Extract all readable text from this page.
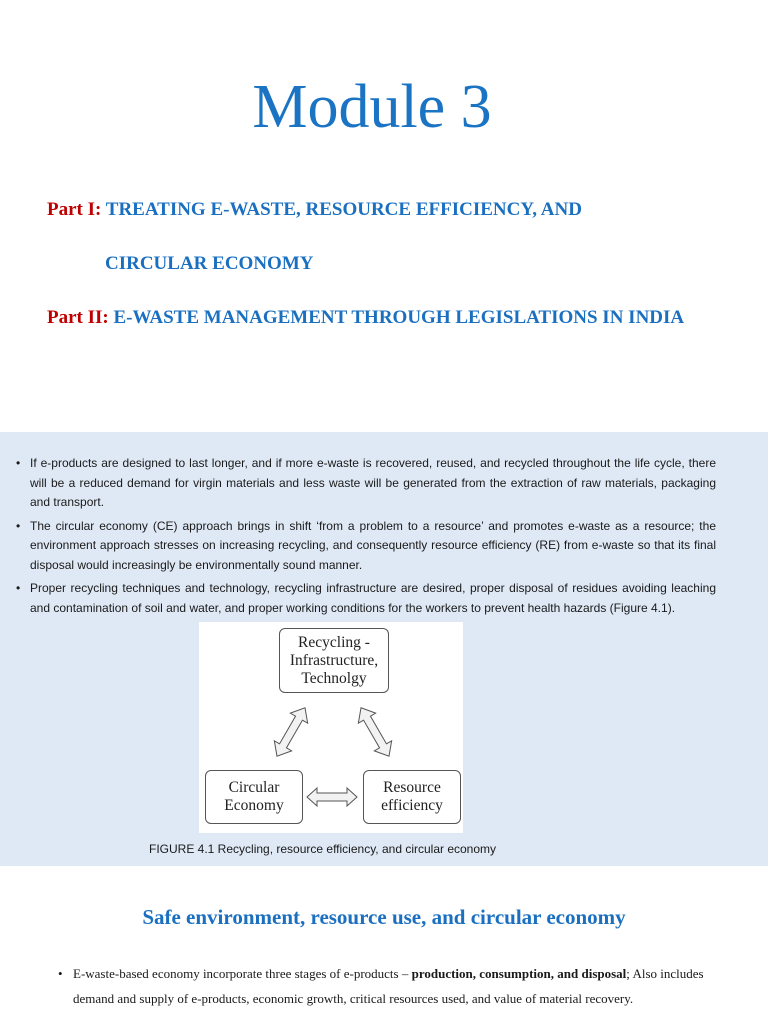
Module 3
Part I: TREATING E-WASTE, RESOURCE EFFICIENCY, AND
CIRCULAR ECONOMY
Part II: E-WASTE MANAGEMENT THROUGH LEGISLATIONS IN INDIA
• If e-products are designed to last longer, and if more e-waste is recovered, reused, and recycled throughout the life cycle, there will be a reduced demand for virgin materials and less waste will be generated from the extraction of raw materials, packaging and transport.
• The circular economy (CE) approach brings in shift ‘from a problem to a resource’ and promotes e-waste as a resource; the environment approach stresses on increasing recycling, and consequently resource efficiency (RE) from e-waste so that its final disposal would increasingly be environmentally sound manner.
• Proper recycling techniques and technology, recycling infrastructure are desired, proper disposal of residues avoiding leaching and contamination of soil and water, and proper working conditions for the workers to prevent health hazards (Figure 4.1).
Recycling -
Infrastructure,
Technolgy
Circular
Economy
Resource
efficiency
FIGURE 4.1 Recycling, resource efficiency, and circular economy
Safe environment, resource use, and circular economy
• E-waste-based economy incorporate three stages of e-products – production, consumption, and disposal; Also includes demand and supply of e-products, economic growth, critical resources used, and value of material recovery.
